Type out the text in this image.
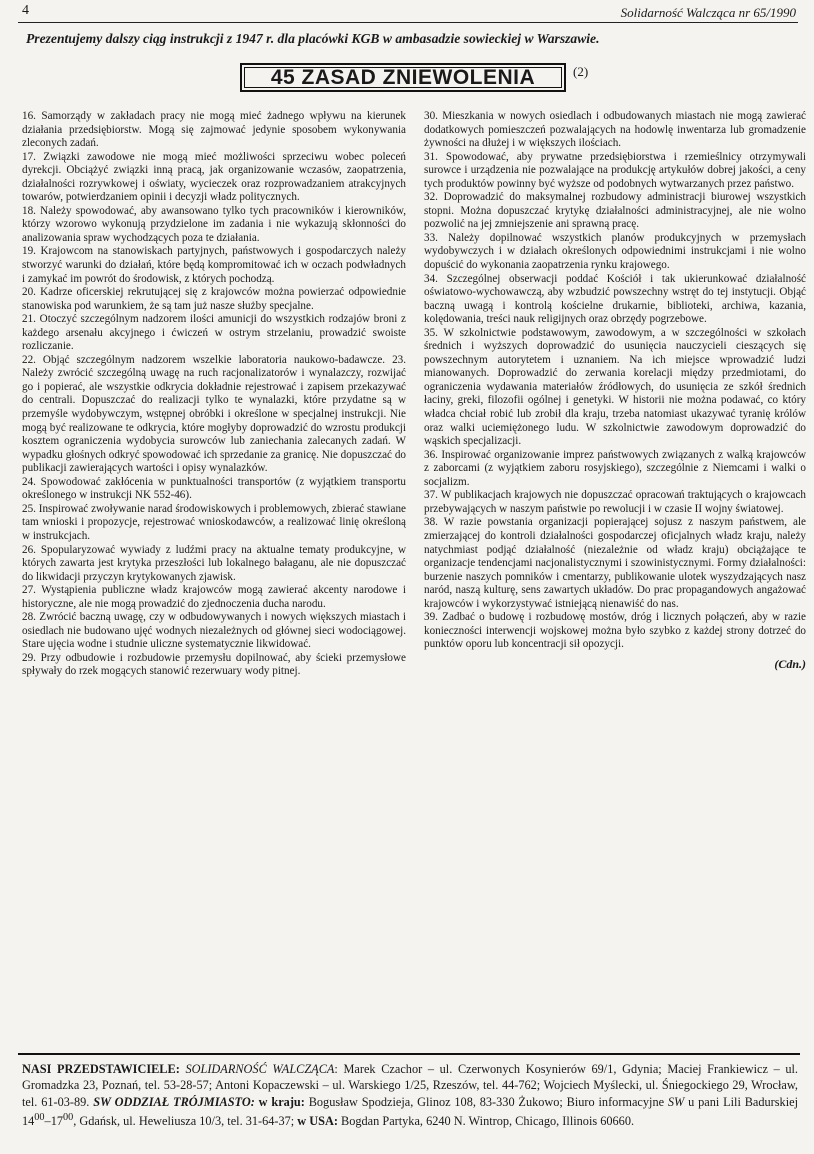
4	Solidarność Walcząca nr 65/1990
Prezentujemy dalszy ciąg instrukcji z 1947 r. dla placówki KGB w ambasadzie sowieckiej w Warszawie.
45 ZASAD ZNIEWOLENIA	(2)

16. Samorządy w zakładach pracy nie mogą mieć żadnego wpływu na kierunek działania przedsiębiorstw. Mogą się zajmować jedynie sposobem wykonywania zleconych zadań.

17. Związki zawodowe nie mogą mieć możliwości sprzeciwu wobec poleceń dyrekcji. Obciążyć związki inną pracą, jak organizowanie wczasów, zaopatrzenia, działalności rozrywkowej i oświaty, wycieczek oraz rozprowadzaniem atrakcyjnych towarów, potwierdzaniem opinii i decyzji władz politycznych.

18. Należy spowodować, aby awansowano tylko tych pracowników i kierowników, którzy wzorowo wykonują przydzielone im zadania i nie wykazują skłonności do analizowania spraw wychodzących poza te działania.

19. Krajowcom na stanowiskach partyjnych, państwowych i gospodarczych należy stworzyć warunki do działań, które będą kompromitować ich w oczach podwładnych i zamykać im powrót do środowisk, z których pochodzą.

20. Kadrze oficerskiej rekrutującej się z krajowców można powierzać odpowiednie stanowiska pod warunkiem, że są tam już nasze służby specjalne.

21. Otoczyć szczególnym nadzorem ilości amunicji do wszystkich rodzajów broni z każdego arsenału akcyjnego i ćwiczeń w ostrym strzelaniu, prowadzić swoiste rozliczanie.

22. Objąć szczególnym nadzorem wszelkie laboratoria naukowo-badawcze. 23. Należy zwrócić szczególną uwagę na ruch racjonalizatorów i wynalazczy, rozwijać go i popierać, ale wszystkie odkrycia dokładnie rejestrować i zapisem przekazywać do centrali. Dopuszczać do realizacji tylko te wynalazki, które przydatne są w przemyśle wydobywczym, wstępnej obróbki i określone w specjalnej instrukcji. Nie mogą być realizowane te odkrycia, które mogłyby doprowadzić do wzrostu produkcji kosztem ograniczenia wydobycia surowców lub zaniechania zalecanych zadań. W wypadku głośnych odkryć spowodować ich sprzedanie za granicę. Nie dopuszczać do publikacji zawierających wartości i opisy wynalazków.

24. Spowodować zakłócenia w punktualności transportów (z wyjątkiem transportu określonego w instrukcji NK 552-46).

25. Inspirować zwoływanie narad środowiskowych i problemowych, zbierać stawiane tam wnioski i propozycje, rejestrować wnioskodawców, a realizować linię określoną w instrukcjach.

26. Spopularyzować wywiady z ludźmi pracy na aktualne tematy produkcyjne, w których zawarta jest krytyka przeszłości lub lokalnego bałaganu, ale nie dopuszczać do likwidacji przyczyn krytykowanych zjawisk.

27. Wystąpienia publiczne władz krajowców mogą zawierać akcenty narodowe i historyczne, ale nie mogą prowadzić do zjednoczenia ducha narodu.

28. Zwrócić baczną uwagę, czy w odbudowywanych i nowych większych miastach i osiedlach nie budowano ujęć wodnych niezależnych od głównej sieci wodociągowej. Stare ujęcia wodne i studnie uliczne systematycznie likwidować.

29. Przy odbudowie i rozbudowie przemysłu dopilnować, aby ścieki przemysłowe spływały do rzek mogących stanowić rezerwuary wody pitnej.

30. Mieszkania w nowych osiedlach i odbudowanych miastach nie mogą zawierać dodatkowych pomieszczeń pozwalających na hodowlę inwentarza lub gromadzenie żywności na dłużej i w większych ilościach.

31. Spowodować, aby prywatne przedsiębiorstwa i rzemieślnicy otrzymywali surowce i urządzenia nie pozwalające na produkcję artykułów dobrej jakości, a ceny tych produktów powinny być wyższe od podobnych wytwarzanych przez państwo.

32. Doprowadzić do maksymalnej rozbudowy administracji biurowej wszystkich stopni. Można dopuszczać krytykę działalności administracyjnej, ale nie wolno pozwolić na jej zmniejszenie ani sprawną pracę.

33. Należy dopilnować wszystkich planów produkcyjnych w przemysłach wydobywczych i w działach określonych odpowiednimi instrukcjami i nie wolno dopuścić do wykonania zaopatrzenia rynku krajowego.

34. Szczególnej obserwacji poddać Kościół i tak ukierunkować działalność oświatowo-wychowawczą, aby wzbudzić powszechny wstręt do tej instytucji. Objąć baczną uwagą i kontrolą kościelne drukarnie, biblioteki, archiwa, kazania, kolędowania, treści nauk religijnych oraz obrzędy pogrzebowe.

35. W szkolnictwie podstawowym, zawodowym, a w szczególności w szkołach średnich i wyższych doprowadzić do usunięcia nauczycieli cieszących się powszechnym autorytetem i uznaniem. Na ich miejsce wprowadzić ludzi mianowanych. Doprowadzić do zerwania korelacji między przedmiotami, do ograniczenia wydawania materiałów źródłowych, do usunięcia ze szkół średnich łaciny, greki, filozofii ogólnej i genetyki. W historii nie można podawać, co który władca chciał robić lub zrobił dla kraju, trzeba natomiast ukazywać tyranię królów oraz walki uciemiężonego ludu. W szkolnictwie zawodowym doprowadzić do wąskich specjalizacji.

36. Inspirować organizowanie imprez państwowych związanych z walką krajowców z zaborcami (z wyjątkiem zaboru rosyjskiego), szczególnie z Niemcami i walki o socjalizm.

37. W publikacjach krajowych nie dopuszczać opracowań traktujących o krajowcach przebywających w naszym państwie po rewolucji i w czasie II wojny światowej.

38. W razie powstania organizacji popierającej sojusz z naszym państwem, ale zmierzającej do kontroli działalności gospodarczej oficjalnych władz kraju, należy natychmiast podjąć działalność (niezależnie od władz kraju) obciążające te organizacje tendencjami nacjonalistycznymi i szowinistycznymi. Formy działalności: burzenie naszych pomników i cmentarzy, publikowanie ulotek wyszydzających nasz naród, naszą kulturę, sens zawartych układów. Do prac propagandowych angażować krajowców i wykorzystywać istniejącą nienawiść do nas.

39. Zadbać o budowę i rozbudowę mostów, dróg i licznych połączeń, aby w razie konieczności interwencji wojskowej można było szybko z każdej strony dotrzeć do punktów oporu lub koncentracji sił opozycji.

(Cdn.)
NASI PRZEDSTAWICIELE: SOLIDARNOŚĆ WALCZĄCA: Marek Czachor – ul. Czerwonych Kosynierów 69/1, Gdynia; Maciej Frankiewicz – ul. Gromadzka 23, Poznań, tel. 53-28-57; Antoni Kopaczewski – ul. Warskiego 1/25, Rzeszów, tel. 44-762; Wojciech Myślecki, ul. Śniegockiego 29, Wrocław, tel. 61-03-89. SW ODDZIAŁ TRÓJMIASTO: w kraju: Bogusław Spodzieja, Glinoz 108, 83-330 Żukowo; Biuro informacyjne SW u pani Lili Badurskiej $14^{00}-17^{00}$, Gdańsk, ul. Heweliusza 10/3, tel. 31-64-37; w USA: Bogdan Partyka, 6240 N. Wintrop, Chicago, Illinois 60660.
